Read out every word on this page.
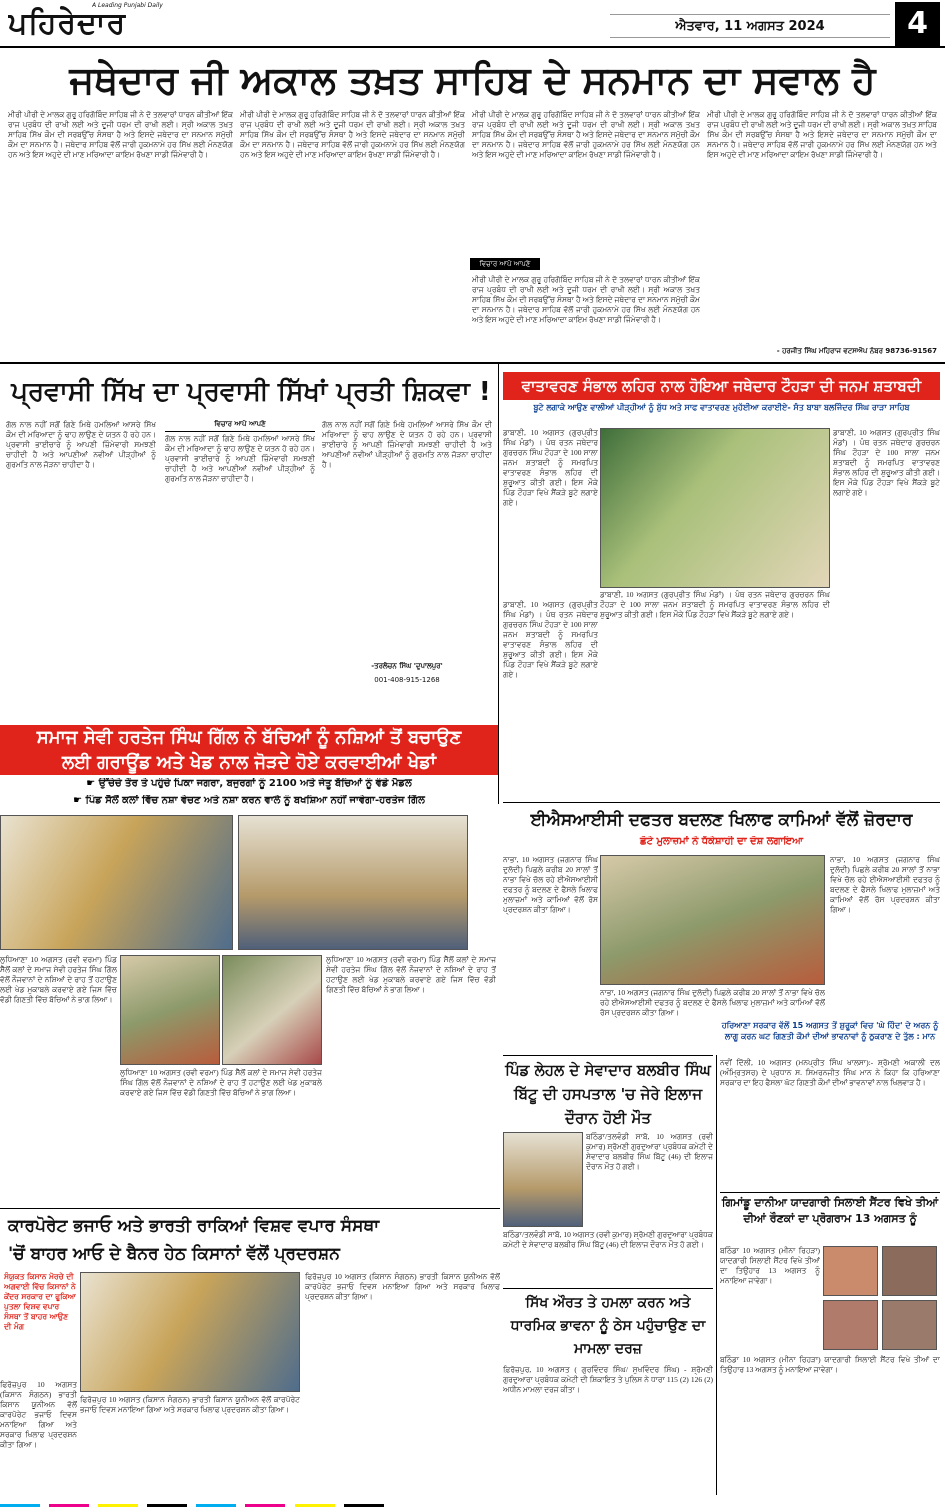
ਪਹਿਰੇਦਾਰ
A Leading Punjabi Daily
ਐਤਵਾਰ, 11 ਅਗਸਤ 2024	4
ਜਥੇਦਾਰ ਜੀ ਅਕਾਲ ਤਖ਼ਤ ਸਾਹਿਬ ਦੇ ਸਨਮਾਨ ਦਾ ਸਵਾਲ ਹੈ
ਮੀਰੀ ਪੀਰੀ ਦੇ ਮਾਲਕ ਗੁਰੂ ਹਰਿਗੋਬਿੰਦ ਸਾਹਿਬ ਜੀ ਨੇ ਦੋ ਤਲਵਾਰਾਂ ਧਾਰਨ ਕੀਤੀਆਂ ਇੱਕ ਰਾਜ ਪ੍ਰਬੰਧ ਦੀ ਰਾਖੀ ਲਈ ਅਤੇ ਦੂਜੀ ਧਰਮ ਦੀ ਰਾਖੀ ਲਈ। ਸ੍ਰੀ ਅਕਾਲ ਤਖ਼ਤ ਸਾਹਿਬ ਸਿੱਖ ਕੌਮ ਦੀ ਸਰਬਉੱਚ ਸੰਸਥਾ ਹੈ ਅਤੇ ਇਸਦੇ ਜਥੇਦਾਰ ਦਾ ਸਨਮਾਨ ਸਮੁੱਚੀ ਕੌਮ ਦਾ ਸਨਮਾਨ ਹੈ। ਜਥੇਦਾਰ ਸਾਹਿਬ ਵੱਲੋਂ ਜਾਰੀ ਹੁਕਮਨਾਮੇ ਹਰ ਸਿੱਖ ਲਈ ਮੰਨਣਯੋਗ ਹਨ ਅਤੇ ਇਸ ਅਹੁਦੇ ਦੀ ਮਾਣ ਮਰਿਆਦਾ ਕਾਇਮ ਰੱਖਣਾ ਸਾਡੀ ਜਿੰਮੇਵਾਰੀ ਹੈ।
ਮੀਰੀ ਪੀਰੀ ਦੇ ਮਾਲਕ ਗੁਰੂ ਹਰਿਗੋਬਿੰਦ ਸਾਹਿਬ ਜੀ ਨੇ ਦੋ ਤਲਵਾਰਾਂ ਧਾਰਨ ਕੀਤੀਆਂ ਇੱਕ ਰਾਜ ਪ੍ਰਬੰਧ ਦੀ ਰਾਖੀ ਲਈ ਅਤੇ ਦੂਜੀ ਧਰਮ ਦੀ ਰਾਖੀ ਲਈ। ਸ੍ਰੀ ਅਕਾਲ ਤਖ਼ਤ ਸਾਹਿਬ ਸਿੱਖ ਕੌਮ ਦੀ ਸਰਬਉੱਚ ਸੰਸਥਾ ਹੈ ਅਤੇ ਇਸਦੇ ਜਥੇਦਾਰ ਦਾ ਸਨਮਾਨ ਸਮੁੱਚੀ ਕੌਮ ਦਾ ਸਨਮਾਨ ਹੈ। ਜਥੇਦਾਰ ਸਾਹਿਬ ਵੱਲੋਂ ਜਾਰੀ ਹੁਕਮਨਾਮੇ ਹਰ ਸਿੱਖ ਲਈ ਮੰਨਣਯੋਗ ਹਨ ਅਤੇ ਇਸ ਅਹੁਦੇ ਦੀ ਮਾਣ ਮਰਿਆਦਾ ਕਾਇਮ ਰੱਖਣਾ ਸਾਡੀ ਜਿੰਮੇਵਾਰੀ ਹੈ।
ਵਿਚਾਰ ਆਪੋ ਆਪਣੇ
ਮੀਰੀ ਪੀਰੀ ਦੇ ਮਾਲਕ ਗੁਰੂ ਹਰਿਗੋਬਿੰਦ ਸਾਹਿਬ ਜੀ ਨੇ ਦੋ ਤਲਵਾਰਾਂ ਧਾਰਨ ਕੀਤੀਆਂ ਇੱਕ ਰਾਜ ਪ੍ਰਬੰਧ ਦੀ ਰਾਖੀ ਲਈ ਅਤੇ ਦੂਜੀ ਧਰਮ ਦੀ ਰਾਖੀ ਲਈ। ਸ੍ਰੀ ਅਕਾਲ ਤਖ਼ਤ ਸਾਹਿਬ ਸਿੱਖ ਕੌਮ ਦੀ ਸਰਬਉੱਚ ਸੰਸਥਾ ਹੈ ਅਤੇ ਇਸਦੇ ਜਥੇਦਾਰ ਦਾ ਸਨਮਾਨ ਸਮੁੱਚੀ ਕੌਮ ਦਾ ਸਨਮਾਨ ਹੈ। ਜਥੇਦਾਰ ਸਾਹਿਬ ਵੱਲੋਂ ਜਾਰੀ ਹੁਕਮਨਾਮੇ ਹਰ ਸਿੱਖ ਲਈ ਮੰਨਣਯੋਗ ਹਨ ਅਤੇ ਇਸ ਅਹੁਦੇ ਦੀ ਮਾਣ ਮਰਿਆਦਾ ਕਾਇਮ ਰੱਖਣਾ ਸਾਡੀ ਜਿੰਮੇਵਾਰੀ ਹੈ।
ਮੀਰੀ ਪੀਰੀ ਦੇ ਮਾਲਕ ਗੁਰੂ ਹਰਿਗੋਬਿੰਦ ਸਾਹਿਬ ਜੀ ਨੇ ਦੋ ਤਲਵਾਰਾਂ ਧਾਰਨ ਕੀਤੀਆਂ ਇੱਕ ਰਾਜ ਪ੍ਰਬੰਧ ਦੀ ਰਾਖੀ ਲਈ ਅਤੇ ਦੂਜੀ ਧਰਮ ਦੀ ਰਾਖੀ ਲਈ। ਸ੍ਰੀ ਅਕਾਲ ਤਖ਼ਤ ਸਾਹਿਬ ਸਿੱਖ ਕੌਮ ਦੀ ਸਰਬਉੱਚ ਸੰਸਥਾ ਹੈ ਅਤੇ ਇਸਦੇ ਜਥੇਦਾਰ ਦਾ ਸਨਮਾਨ ਸਮੁੱਚੀ ਕੌਮ ਦਾ ਸਨਮਾਨ ਹੈ। ਜਥੇਦਾਰ ਸਾਹਿਬ ਵੱਲੋਂ ਜਾਰੀ ਹੁਕਮਨਾਮੇ ਹਰ ਸਿੱਖ ਲਈ ਮੰਨਣਯੋਗ ਹਨ ਅਤੇ ਇਸ ਅਹੁਦੇ ਦੀ ਮਾਣ ਮਰਿਆਦਾ ਕਾਇਮ ਰੱਖਣਾ ਸਾਡੀ ਜਿੰਮੇਵਾਰੀ ਹੈ।
ਮੀਰੀ ਪੀਰੀ ਦੇ ਮਾਲਕ ਗੁਰੂ ਹਰਿਗੋਬਿੰਦ ਸਾਹਿਬ ਜੀ ਨੇ ਦੋ ਤਲਵਾਰਾਂ ਧਾਰਨ ਕੀਤੀਆਂ ਇੱਕ ਰਾਜ ਪ੍ਰਬੰਧ ਦੀ ਰਾਖੀ ਲਈ ਅਤੇ ਦੂਜੀ ਧਰਮ ਦੀ ਰਾਖੀ ਲਈ। ਸ੍ਰੀ ਅਕਾਲ ਤਖ਼ਤ ਸਾਹਿਬ ਸਿੱਖ ਕੌਮ ਦੀ ਸਰਬਉੱਚ ਸੰਸਥਾ ਹੈ ਅਤੇ ਇਸਦੇ ਜਥੇਦਾਰ ਦਾ ਸਨਮਾਨ ਸਮੁੱਚੀ ਕੌਮ ਦਾ ਸਨਮਾਨ ਹੈ। ਜਥੇਦਾਰ ਸਾਹਿਬ ਵੱਲੋਂ ਜਾਰੀ ਹੁਕਮਨਾਮੇ ਹਰ ਸਿੱਖ ਲਈ ਮੰਨਣਯੋਗ ਹਨ ਅਤੇ ਇਸ ਅਹੁਦੇ ਦੀ ਮਾਣ ਮਰਿਆਦਾ ਕਾਇਮ ਰੱਖਣਾ ਸਾਡੀ ਜਿੰਮੇਵਾਰੀ ਹੈ।
- ਹਰਜੀਤ ਸਿੰਘ ਮਹਿਰਾਜ ਵਟਸਐਪ ਨੰਬਰ 98736-91567
ਪ੍ਰਵਾਸੀ ਸਿੱਖ ਦਾ ਪ੍ਰਵਾਸੀ ਸਿੱਖਾਂ ਪ੍ਰਤੀ ਸ਼ਿਕਵਾ !
ਗੱਲ ਨਾਲ ਨਹੀਂ ਸਗੋਂ ਗਿਣੇ ਮਿਥੇ ਹਮਲਿਆਂ ਆਸਰੇ ਸਿੱਖ ਕੌਮ ਦੀ ਮਰਿਆਦਾ ਨੂੰ ਢਾਹ ਲਾਉਣ ਦੇ ਯਤਨ ਹੋ ਰਹੇ ਹਨ। ਪ੍ਰਵਾਸੀ ਭਾਈਚਾਰੇ ਨੂੰ ਆਪਣੀ ਜ਼ਿੰਮੇਵਾਰੀ ਸਮਝਣੀ ਚਾਹੀਦੀ ਹੈ ਅਤੇ ਆਪਣੀਆਂ ਨਵੀਆਂ ਪੀੜ੍ਹੀਆਂ ਨੂੰ ਗੁਰਮਤਿ ਨਾਲ ਜੋੜਨਾ ਚਾਹੀਦਾ ਹੈ।
ਵਿਚਾਰ ਆਪੋ ਆਪਣੇ
ਗੱਲ ਨਾਲ ਨਹੀਂ ਸਗੋਂ ਗਿਣੇ ਮਿਥੇ ਹਮਲਿਆਂ ਆਸਰੇ ਸਿੱਖ ਕੌਮ ਦੀ ਮਰਿਆਦਾ ਨੂੰ ਢਾਹ ਲਾਉਣ ਦੇ ਯਤਨ ਹੋ ਰਹੇ ਹਨ। ਪ੍ਰਵਾਸੀ ਭਾਈਚਾਰੇ ਨੂੰ ਆਪਣੀ ਜ਼ਿੰਮੇਵਾਰੀ ਸਮਝਣੀ ਚਾਹੀਦੀ ਹੈ ਅਤੇ ਆਪਣੀਆਂ ਨਵੀਆਂ ਪੀੜ੍ਹੀਆਂ ਨੂੰ ਗੁਰਮਤਿ ਨਾਲ ਜੋੜਨਾ ਚਾਹੀਦਾ ਹੈ।
ਗੱਲ ਨਾਲ ਨਹੀਂ ਸਗੋਂ ਗਿਣੇ ਮਿਥੇ ਹਮਲਿਆਂ ਆਸਰੇ ਸਿੱਖ ਕੌਮ ਦੀ ਮਰਿਆਦਾ ਨੂੰ ਢਾਹ ਲਾਉਣ ਦੇ ਯਤਨ ਹੋ ਰਹੇ ਹਨ। ਪ੍ਰਵਾਸੀ ਭਾਈਚਾਰੇ ਨੂੰ ਆਪਣੀ ਜ਼ਿੰਮੇਵਾਰੀ ਸਮਝਣੀ ਚਾਹੀਦੀ ਹੈ ਅਤੇ ਆਪਣੀਆਂ ਨਵੀਆਂ ਪੀੜ੍ਹੀਆਂ ਨੂੰ ਗੁਰਮਤਿ ਨਾਲ ਜੋੜਨਾ ਚਾਹੀਦਾ ਹੈ।
-ਤਰਲੋਚਨ ਸਿੰਘ 'ਦੁਪਾਲਪੁਰ'
001-408-915-1268
ਵਾਤਾਵਰਣ ਸੰਭਾਲ ਲਹਿਰ ਨਾਲ ਹੋਇਆ ਜਥੇਦਾਰ ਟੌਹੜਾ ਦੀ ਜਨਮ ਸ਼ਤਾਬਦੀ
ਬੂਟੇ ਲਗਾਕੇ ਆਉਣ ਵਾਲੀਆਂ ਪੀੜ੍ਹੀਆਂ ਨੂੰ ਸ਼ੁੱਧ ਅਤੇ ਸਾਫ ਵਾਤਾਵਰਣ ਮੁਹੱਈਆ ਕਰਾਈਏ- ਸੰਤ ਬਾਬਾ ਬਲਜਿੰਦਰ ਸਿੰਘ ਰਾੜਾ ਸਾਹਿਬ
ਡਾਬਾਣੀ, 10 ਅਗਸਤ (ਗੁਰਪ੍ਰੀਤ ਸਿੰਘ ਮੰਡਾਂ) । ਪੰਥ ਰਤਨ ਜਥੇਦਾਰ ਗੁਰਚਰਨ ਸਿੰਘ ਟੌਹੜਾ ਦੇ 100 ਸਾਲਾ ਜਨਮ ਸ਼ਤਾਬਦੀ ਨੂੰ ਸਮਰਪਿਤ ਵਾਤਾਵਰਣ ਸੰਭਾਲ ਲਹਿਰ ਦੀ ਸ਼ੁਰੂਆਤ ਕੀਤੀ ਗਈ। ਇਸ ਮੌਕੇ ਪਿੰਡ ਟੌਹੜਾ ਵਿਖੇ ਸੈਂਕੜੇ ਬੂਟੇ ਲਗਾਏ ਗਏ।
ਡਾਬਾਣੀ, 10 ਅਗਸਤ (ਗੁਰਪ੍ਰੀਤ ਸਿੰਘ ਮੰਡਾਂ) । ਪੰਥ ਰਤਨ ਜਥੇਦਾਰ ਗੁਰਚਰਨ ਸਿੰਘ ਟੌਹੜਾ ਦੇ 100 ਸਾਲਾ ਜਨਮ ਸ਼ਤਾਬਦੀ ਨੂੰ ਸਮਰਪਿਤ ਵਾਤਾਵਰਣ ਸੰਭਾਲ ਲਹਿਰ ਦੀ ਸ਼ੁਰੂਆਤ ਕੀਤੀ ਗਈ। ਇਸ ਮੌਕੇ ਪਿੰਡ ਟੌਹੜਾ ਵਿਖੇ ਸੈਂਕੜੇ ਬੂਟੇ ਲਗਾਏ ਗਏ।
ਡਾਬਾਣੀ, 10 ਅਗਸਤ (ਗੁਰਪ੍ਰੀਤ ਸਿੰਘ ਮੰਡਾਂ) । ਪੰਥ ਰਤਨ ਜਥੇਦਾਰ ਗੁਰਚਰਨ ਸਿੰਘ ਟੌਹੜਾ ਦੇ 100 ਸਾਲਾ ਜਨਮ ਸ਼ਤਾਬਦੀ ਨੂੰ ਸਮਰਪਿਤ ਵਾਤਾਵਰਣ ਸੰਭਾਲ ਲਹਿਰ ਦੀ ਸ਼ੁਰੂਆਤ ਕੀਤੀ ਗਈ। ਇਸ ਮੌਕੇ ਪਿੰਡ ਟੌਹੜਾ ਵਿਖੇ ਸੈਂਕੜੇ ਬੂਟੇ ਲਗਾਏ ਗਏ।
ਡਾਬਾਣੀ, 10 ਅਗਸਤ (ਗੁਰਪ੍ਰੀਤ ਸਿੰਘ ਮੰਡਾਂ) । ਪੰਥ ਰਤਨ ਜਥੇਦਾਰ ਗੁਰਚਰਨ ਸਿੰਘ ਟੌਹੜਾ ਦੇ 100 ਸਾਲਾ ਜਨਮ ਸ਼ਤਾਬਦੀ ਨੂੰ ਸਮਰਪਿਤ ਵਾਤਾਵਰਣ ਸੰਭਾਲ ਲਹਿਰ ਦੀ ਸ਼ੁਰੂਆਤ ਕੀਤੀ ਗਈ। ਇਸ ਮੌਕੇ ਪਿੰਡ ਟੌਹੜਾ ਵਿਖੇ ਸੈਂਕੜੇ ਬੂਟੇ ਲਗਾਏ ਗਏ।
ਸਮਾਜ ਸੇਵੀ ਹਰਤੇਜ ਸਿੰਘ ਗਿੱਲ ਨੇ ਬੱਚਿਆਂ ਨੂੰ ਨਸ਼ਿਆਂ ਤੋਂ ਬਚਾਉਣ
ਲਈ ਗਰਾਊਂਡ ਅਤੇ ਖੇਡ ਨਾਲ ਜੋੜਦੇ ਹੋਏ ਕਰਵਾਈਆਂ ਖੇਡਾਂ
☛ ਉੱਚੇਚੇ ਤੌਰ ਤੇ ਪਹੁੰਚੇ ਪਿਕਾ ਜਗਰਾ, ਬਜੁਰਗਾਂ ਨੂੰ 2100 ਅਤੇ ਜੇਤੂ ਬੱਚਿਆਂ ਨੂੰ ਵੰਡੇ ਮੈਡਲ
☛ ਪਿੰਡ ਸੈੱਲੋਂ ਕਲਾਂ ਵਿੱਚ ਨਸ਼ਾ ਵੇਚਣ ਅਤੇ ਨਸ਼ਾ ਕਰਨ ਵਾਲੇ ਨੂੰ ਬਖਸ਼ਿਆ ਨਹੀਂ ਜਾਵੇਗਾ-ਹਰਤੇਜ ਗਿੱਲ
ਲੁਧਿਆਣਾ 10 ਅਗਸਤ (ਰਵੀ ਵਰਮਾ) ਪਿੰਡ ਸੈੱਲੋਂ ਕਲਾਂ ਦੇ ਸਮਾਜ ਸੇਵੀ ਹਰਤੇਜ ਸਿੰਘ ਗਿੱਲ ਵੱਲੋਂ ਨੌਜਵਾਨਾਂ ਦੇ ਨਸ਼ਿਆਂ ਦੇ ਰਾਹ ਤੋਂ ਹਟਾਉਣ ਲਈ ਖੇਡ ਮੁਕਾਬਲੇ ਕਰਵਾਏ ਗਏ ਜਿਸ ਵਿੱਚ ਵੱਡੀ ਗਿਣਤੀ ਵਿੱਚ ਬੱਚਿਆਂ ਨੇ ਭਾਗ ਲਿਆ।
ਲੁਧਿਆਣਾ 10 ਅਗਸਤ (ਰਵੀ ਵਰਮਾ) ਪਿੰਡ ਸੈੱਲੋਂ ਕਲਾਂ ਦੇ ਸਮਾਜ ਸੇਵੀ ਹਰਤੇਜ ਸਿੰਘ ਗਿੱਲ ਵੱਲੋਂ ਨੌਜਵਾਨਾਂ ਦੇ ਨਸ਼ਿਆਂ ਦੇ ਰਾਹ ਤੋਂ ਹਟਾਉਣ ਲਈ ਖੇਡ ਮੁਕਾਬਲੇ ਕਰਵਾਏ ਗਏ ਜਿਸ ਵਿੱਚ ਵੱਡੀ ਗਿਣਤੀ ਵਿੱਚ ਬੱਚਿਆਂ ਨੇ ਭਾਗ ਲਿਆ।
ਲੁਧਿਆਣਾ 10 ਅਗਸਤ (ਰਵੀ ਵਰਮਾ) ਪਿੰਡ ਸੈੱਲੋਂ ਕਲਾਂ ਦੇ ਸਮਾਜ ਸੇਵੀ ਹਰਤੇਜ ਸਿੰਘ ਗਿੱਲ ਵੱਲੋਂ ਨੌਜਵਾਨਾਂ ਦੇ ਨਸ਼ਿਆਂ ਦੇ ਰਾਹ ਤੋਂ ਹਟਾਉਣ ਲਈ ਖੇਡ ਮੁਕਾਬਲੇ ਕਰਵਾਏ ਗਏ ਜਿਸ ਵਿੱਚ ਵੱਡੀ ਗਿਣਤੀ ਵਿੱਚ ਬੱਚਿਆਂ ਨੇ ਭਾਗ ਲਿਆ।
ਈਐਸਆਈਸੀ ਦਫਤਰ ਬਦਲਣ ਖਿਲਾਫ ਕਾਮਿਆਂ ਵੱਲੋਂ ਜ਼ੋਰਦਾਰ
ਛੋਟੇ ਮੁਲਾਜ਼ਮਾਂ ਨੇ ਧੱਕੇਸ਼ਾਹੀ ਦਾ ਦੋਸ਼ ਲਗਾਇਆ
ਨਾਭਾ, 10 ਅਗਸਤ (ਜਗਨਾਰ ਸਿੰਘ ਦੁਲੱਦੀ) ਪਿਛਲੇ ਕਰੀਬ 20 ਸਾਲਾਂ ਤੋਂ ਨਾਭਾ ਵਿਖੇ ਚੱਲ ਰਹੇ ਈਐਸਆਈਸੀ ਦਫਤਰ ਨੂੰ ਬਦਲਣ ਦੇ ਫੈਸਲੇ ਖਿਲਾਫ ਮੁਲਾਜ਼ਮਾਂ ਅਤੇ ਕਾਮਿਆਂ ਵੱਲੋਂ ਰੋਸ ਪ੍ਰਦਰਸ਼ਨ ਕੀਤਾ ਗਿਆ।
ਨਾਭਾ, 10 ਅਗਸਤ (ਜਗਨਾਰ ਸਿੰਘ ਦੁਲੱਦੀ) ਪਿਛਲੇ ਕਰੀਬ 20 ਸਾਲਾਂ ਤੋਂ ਨਾਭਾ ਵਿਖੇ ਚੱਲ ਰਹੇ ਈਐਸਆਈਸੀ ਦਫਤਰ ਨੂੰ ਬਦਲਣ ਦੇ ਫੈਸਲੇ ਖਿਲਾਫ ਮੁਲਾਜ਼ਮਾਂ ਅਤੇ ਕਾਮਿਆਂ ਵੱਲੋਂ ਰੋਸ ਪ੍ਰਦਰਸ਼ਨ ਕੀਤਾ ਗਿਆ।
ਨਾਭਾ, 10 ਅਗਸਤ (ਜਗਨਾਰ ਸਿੰਘ ਦੁਲੱਦੀ) ਪਿਛਲੇ ਕਰੀਬ 20 ਸਾਲਾਂ ਤੋਂ ਨਾਭਾ ਵਿਖੇ ਚੱਲ ਰਹੇ ਈਐਸਆਈਸੀ ਦਫਤਰ ਨੂੰ ਬਦਲਣ ਦੇ ਫੈਸਲੇ ਖਿਲਾਫ ਮੁਲਾਜ਼ਮਾਂ ਅਤੇ ਕਾਮਿਆਂ ਵੱਲੋਂ ਰੋਸ ਪ੍ਰਦਰਸ਼ਨ ਕੀਤਾ ਗਿਆ।
ਪਿੰਡ ਲੇਹਲ ਦੇ ਸੇਵਾਦਾਰ ਬਲਬੀਰ ਸਿੰਘ ਬਿੱਟੂ ਦੀ ਹਸਪਤਾਲ 'ਚ ਜੇਰੇ ਇਲਾਜ ਦੌਰਾਨ ਹੋਈ ਮੌਤ
ਬਠਿੰਡਾ/ਤਲਵੰਡੀ ਸਾਬੋ, 10 ਅਗਸਤ (ਰਵੀ ਕੁਮਾਰ) ਸ਼੍ਰੋਮਣੀ ਗੁਰਦੁਆਰਾ ਪ੍ਰਬੰਧਕ ਕਮੇਟੀ ਦੇ ਸੇਵਾਦਾਰ ਬਲਬੀਰ ਸਿੰਘ ਬਿੱਟੂ (46) ਦੀ ਇਲਾਜ ਦੌਰਾਨ ਮੌਤ ਹੋ ਗਈ।
ਬਠਿੰਡਾ/ਤਲਵੰਡੀ ਸਾਬੋ, 10 ਅਗਸਤ (ਰਵੀ ਕੁਮਾਰ) ਸ਼੍ਰੋਮਣੀ ਗੁਰਦੁਆਰਾ ਪ੍ਰਬੰਧਕ ਕਮੇਟੀ ਦੇ ਸੇਵਾਦਾਰ ਬਲਬੀਰ ਸਿੰਘ ਬਿੱਟੂ (46) ਦੀ ਇਲਾਜ ਦੌਰਾਨ ਮੌਤ ਹੋ ਗਈ।
ਕਾਰਪੋਰੇਟ ਭਜਾਓ ਅਤੇ ਭਾਰਤੀ ਰਾਕਿਆਂ ਵਿਸ਼ਵ ਵਪਾਰ ਸੰਸਥਾ
'ਚੋਂ ਬਾਹਰ ਆਓ ਦੇ ਬੈਨਰ ਹੇਠ ਕਿਸਾਨਾਂ ਵੱਲੋਂ ਪ੍ਰਦਰਸ਼ਨ
ਸੰਯੁਕਤ ਕਿਸਾਨ ਮੋਰਚੇ ਦੀ ਅਗਵਾਈ ਵਿੱਚ ਕਿਸਾਨਾਂ ਨੇ ਕੇਂਦਰ ਸਰਕਾਰ ਦਾ ਫੂਕਿਆ ਪੁਤਲਾ ਵਿਸ਼ਵ ਵਪਾਰ ਸੰਸਥਾ ਤੋਂ ਬਾਹਰ ਆਉਣ ਦੀ ਮੰਗ
ਫਿਰੋਜ਼ਪੁਰ 10 ਅਗਸਤ (ਕਿਸਾਨ ਸੰਗਠਨ) ਭਾਰਤੀ ਕਿਸਾਨ ਯੂਨੀਅਨ ਵੱਲੋਂ ਕਾਰਪੋਰੇਟ ਭਜਾਓ ਦਿਵਸ ਮਨਾਇਆ ਗਿਆ ਅਤੇ ਸਰਕਾਰ ਖਿਲਾਫ ਪ੍ਰਦਰਸ਼ਨ ਕੀਤਾ ਗਿਆ।
ਫਿਰੋਜ਼ਪੁਰ 10 ਅਗਸਤ (ਕਿਸਾਨ ਸੰਗਠਨ) ਭਾਰਤੀ ਕਿਸਾਨ ਯੂਨੀਅਨ ਵੱਲੋਂ ਕਾਰਪੋਰੇਟ ਭਜਾਓ ਦਿਵਸ ਮਨਾਇਆ ਗਿਆ ਅਤੇ ਸਰਕਾਰ ਖਿਲਾਫ ਪ੍ਰਦਰਸ਼ਨ ਕੀਤਾ ਗਿਆ।
ਫਿਰੋਜ਼ਪੁਰ 10 ਅਗਸਤ (ਕਿਸਾਨ ਸੰਗਠਨ) ਭਾਰਤੀ ਕਿਸਾਨ ਯੂਨੀਅਨ ਵੱਲੋਂ ਕਾਰਪੋਰੇਟ ਭਜਾਓ ਦਿਵਸ ਮਨਾਇਆ ਗਿਆ ਅਤੇ ਸਰਕਾਰ ਖਿਲਾਫ ਪ੍ਰਦਰਸ਼ਨ ਕੀਤਾ ਗਿਆ।	ਸਿੱਖ ਔਰਤ ਤੇ ਹਮਲਾ ਕਰਨ ਅਤੇ ਧਾਰਮਿਕ ਭਾਵਨਾ ਨੂੰ ਠੇਸ ਪਹੁੰਚਾਉਣ ਦਾ ਮਾਮਲਾ ਦਰਜ਼
ਫ਼ਿਰੋਜ਼ਪੁਰ, 10 ਅਗਸਤ ( ਗੁਰਵਿੰਦਰ ਸਿੰਘ/ ਸੁਖਵਿੰਦਰ ਸਿੰਘ) - ਸ਼੍ਰੋਮਣੀ ਗੁਰਦੁਆਰਾ ਪ੍ਰਬੰਧਕ ਕਮੇਟੀ ਦੀ ਸ਼ਿਕਾਇਤ ਤੇ ਪੁਲਿਸ ਨੇ ਧਾਰਾ 115 (2) 126 (2) ਅਧੀਨ ਮਾਮਲਾ ਦਰਜ ਕੀਤਾ।
ਹਰਿਆਣਾ ਸਰਕਾਰ ਵੱਲੋਂ 15 ਅਗਸਤ ਤੋਂ ਸ਼ੁਰੂਕਾਂ ਵਿਚ 'ਘੇ ਹਿੰਦ' ਦੇ ਅਰਨ ਨੂੰ ਲਾਗੂ ਕਰਨ ਘਟ ਗਿਣਤੀ ਕੌਮਾਂ ਦੀਆਂ ਭਾਵਨਾਵਾਂ ਨੂੰ ਠੁਕਰਾਣ ਦੇ ਤੁੱਲ : ਮਾਨ
ਨਵੀਂ ਦਿੱਲੀ, 10 ਅਗਸਤ (ਮਨਪ੍ਰੀਤ ਸਿੰਘ ਖਾਲਸਾ):- ਸ਼੍ਰੋਮਣੀ ਅਕਾਲੀ ਦਲ (ਅੰਮ੍ਰਿਤਸਰ) ਦੇ ਪ੍ਰਧਾਨ ਸ. ਸਿਮਰਨਜੀਤ ਸਿੰਘ ਮਾਨ ਨੇ ਕਿਹਾ ਕਿ ਹਰਿਆਣਾ ਸਰਕਾਰ ਦਾ ਇਹ ਫੈਸਲਾ ਘੱਟ ਗਿਣਤੀ ਕੌਮਾਂ ਦੀਆਂ ਭਾਵਨਾਵਾਂ ਨਾਲ ਖਿਲਵਾੜ ਹੈ।
ਗਿਮਾਂਡੂ ਦਾਨੀਆ ਯਾਦਗਾਰੀ ਸਿਲਾਈ ਸੈਂਟਰ ਵਿਖੇ ਤੀਆਂ ਦੀਆਂ ਰੌਣਕਾਂ ਦਾ ਪ੍ਰੋਗਰਾਮ 13 ਅਗਸਤ ਨੂੰ
ਬਠਿੰਡਾ 10 ਅਗਸਤ (ਮੀਨਾ ਰਿਹੜਾ) ਯਾਦਗਾਰੀ ਸਿਲਾਈ ਸੈਂਟਰ ਵਿਖੇ ਤੀਆਂ ਦਾ ਤਿਉਹਾਰ 13 ਅਗਸਤ ਨੂੰ ਮਨਾਇਆ ਜਾਵੇਗਾ।
ਬਠਿੰਡਾ 10 ਅਗਸਤ (ਮੀਨਾ ਰਿਹੜਾ) ਯਾਦਗਾਰੀ ਸਿਲਾਈ ਸੈਂਟਰ ਵਿਖੇ ਤੀਆਂ ਦਾ ਤਿਉਹਾਰ 13 ਅਗਸਤ ਨੂੰ ਮਨਾਇਆ ਜਾਵੇਗਾ।
